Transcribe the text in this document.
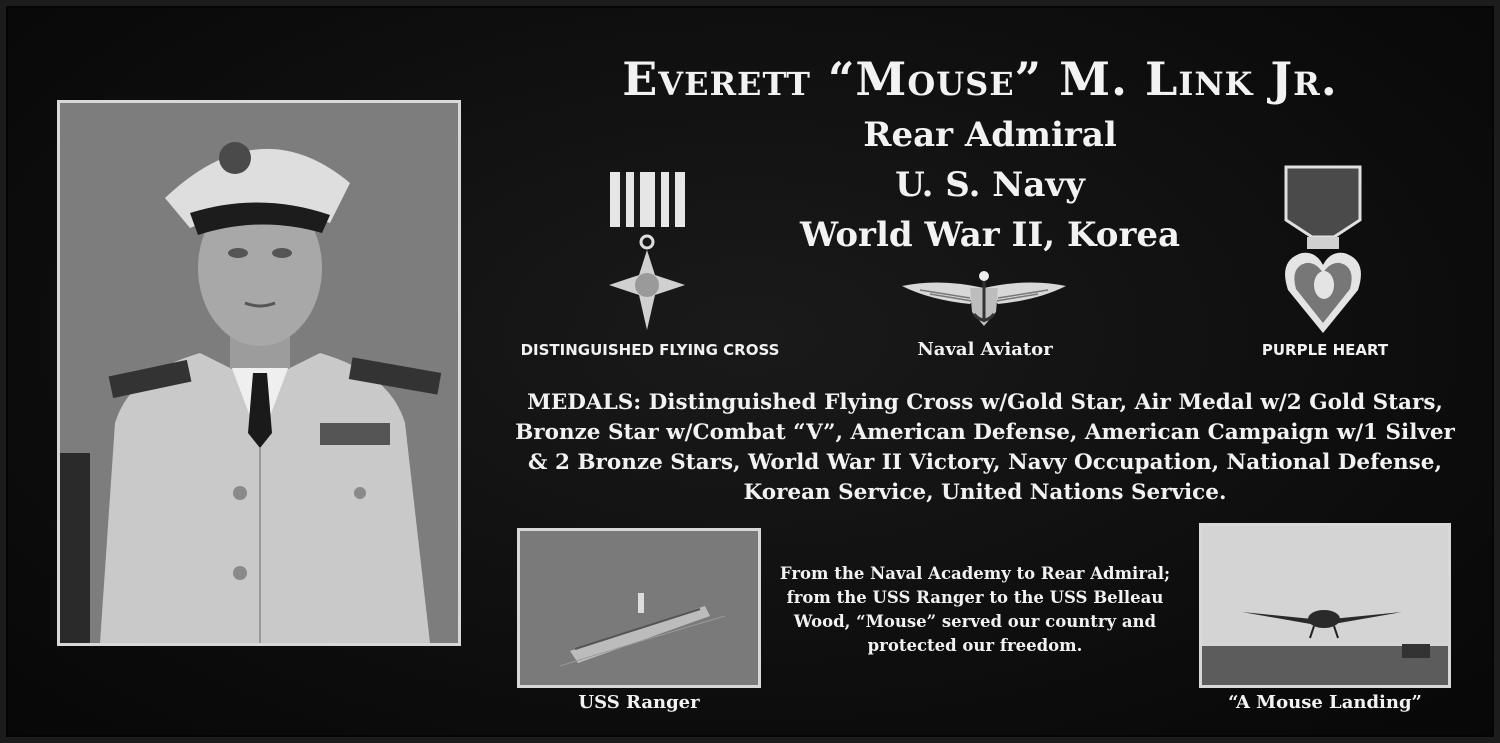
Everett “Mouse” M. Link Jr.
Rear Admiral
U. S. Navy
World War II, Korea
DISTINGUISHED FLYING CROSS	Naval Aviator	PURPLE HEART
MEDALS: Distinguished Flying Cross w/Gold Star, Air Medal w/2 Gold Stars, Bronze Star w/Combat “V”, American Defense, American Campaign w/1 Silver & 2 Bronze Stars, World War II Victory, Navy Occupation, National Defense, Korean Service, United Nations Service.
USS Ranger
From the Naval Academy to Rear Admiral; from the USS Ranger to the USS Belleau Wood, “Mouse” served our country and protected our freedom.
“A Mouse Landing”
